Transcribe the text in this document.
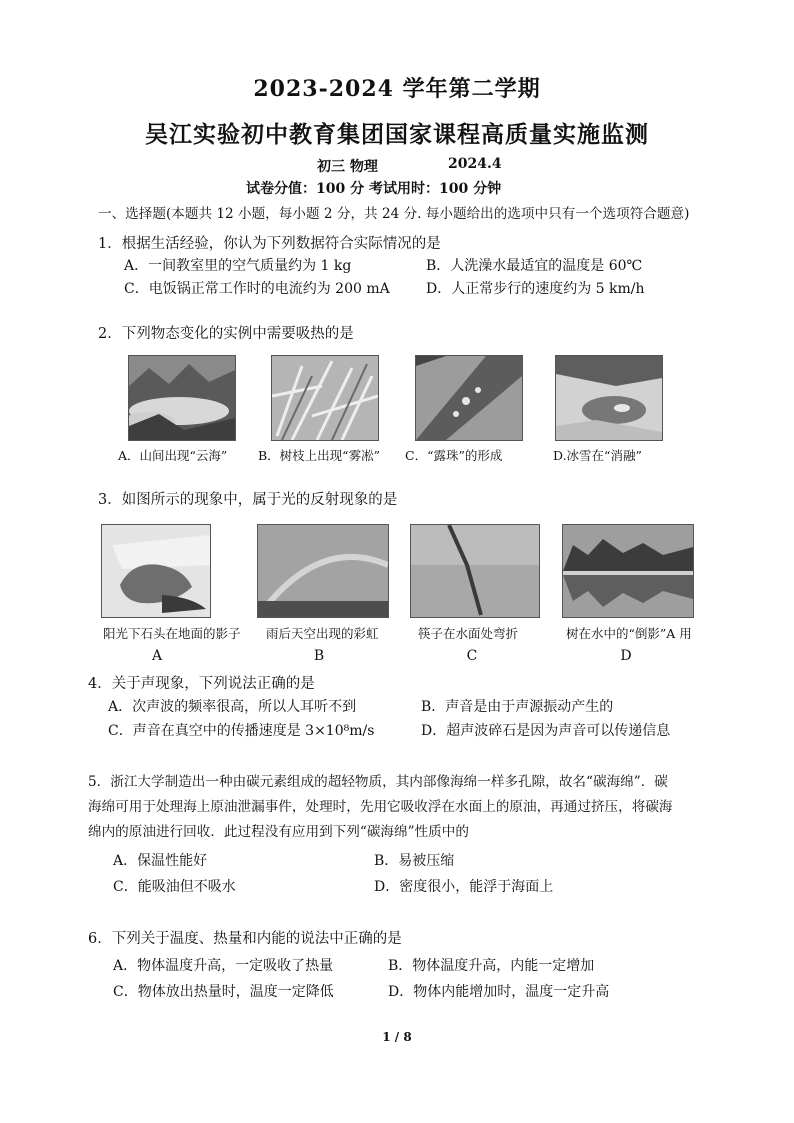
2023-2024 学年第二学期
吴江实验初中教育集团国家课程高质量实施监测
初三 物理	2024.4
试卷分值：100 分 考试用时：100 分钟
一、选择题(本题共 12 小题，每小题 2 分，共 24 分. 每小题给出的选项中只有一个选项符合题意)
1．根据生活经验，你认为下列数据符合实际情况的是
A．一间教室里的空气质量约为 1 kg	B．人洗澡水最适宜的温度是 60℃
C．电饭锅正常工作时的电流约为 200 mA	D．人正常步行的速度约为 5 km/h
2．下列物态变化的实例中需要吸热的是
A．山间出现“云海” B．树枝上出现“雾凇” C．“露珠”的形成	D.冰雪在“消融”
3．如图所示的现象中，属于光的反射现象的是
阳光下石头在地面的影子 雨后天空出现的彩虹	筷子在水面处弯折	树在水中的“倒影”A 用
A	B	C	D
4．关于声现象，下列说法正确的是
A．次声波的频率很高，所以人耳听不到	B．声音是由于声源振动产生的
C．声音在真空中的传播速度是 3×10⁸m/s	D．超声波碎石是因为声音可以传递信息
5．浙江大学制造出一种由碳元素组成的超轻物质，其内部像海绵一样多孔隙，故名“碳海绵”．碳
海绵可用于处理海上原油泄漏事件，处理时，先用它吸收浮在水面上的原油，再通过挤压，将碳海
绵内的原油进行回收．此过程没有应用到下列“碳海绵”性质中的
A．保温性能好	B．易被压缩
C．能吸油但不吸水	D．密度很小，能浮于海面上
6．下列关于温度、热量和内能的说法中正确的是
A．物体温度升高，一定吸收了热量	B．物体温度升高，内能一定增加
C．物体放出热量时，温度一定降低	D．物体内能增加时，温度一定升高
1 / 8
